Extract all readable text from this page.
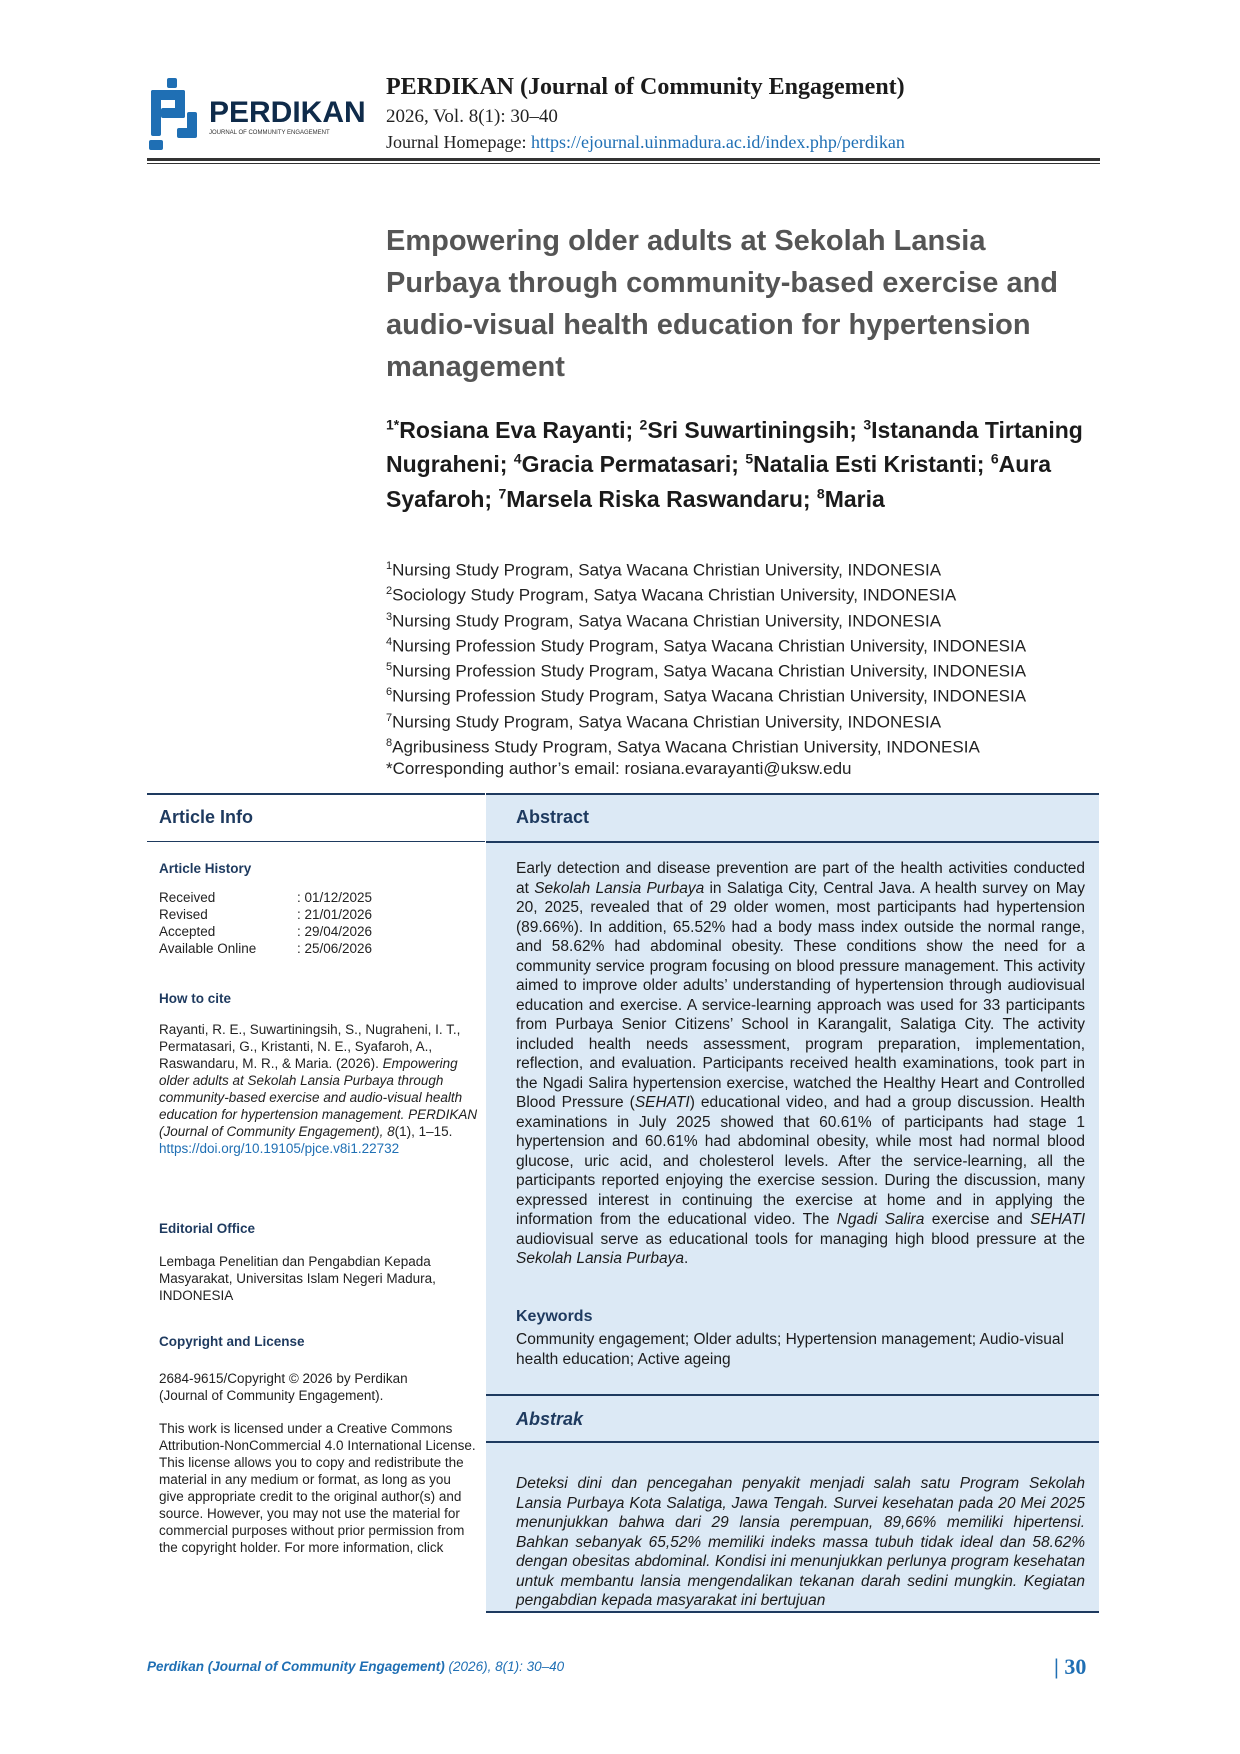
PERDIKAN
JOURNAL OF COMMUNITY ENGAGEMENT
PERDIKAN (Journal of Community Engagement)
2026, Vol. 8(1): 30–40
Journal Homepage: https://ejournal.uinmadura.ac.id/index.php/perdikan
Empowering older adults at Sekolah Lansia Purbaya through community-based exercise and audio-visual health education for hypertension management
$^{1*}$Rosiana Eva Rayanti; $^2$Sri Suwartiningsih; $^3$Istananda Tirtaning Nugraheni; $^4$Gracia Permatasari; $^5$Natalia Esti Kristanti; $^6$Aura Syafaroh; $^7$Marsela Riska Raswandaru; $^8$Maria
$^1$Nursing Study Program, Satya Wacana Christian University, INDONESIA
$^2$Sociology Study Program, Satya Wacana Christian University, INDONESIA
$^3$Nursing Study Program, Satya Wacana Christian University, INDONESIA
$^4$Nursing Profession Study Program, Satya Wacana Christian University, INDONESIA
$^5$Nursing Profession Study Program, Satya Wacana Christian University, INDONESIA
$^6$Nursing Profession Study Program, Satya Wacana Christian University, INDONESIA
$^7$Nursing Study Program, Satya Wacana Christian University, INDONESIA
$^8$Agribusiness Study Program, Satya Wacana Christian University, INDONESIA
*Corresponding author’s email: rosiana.evarayanti@uksw.edu
Article Info
Article History
Received	: 01/12/2025
Revised	: 21/01/2026
Accepted	: 29/04/2026
Available Online	: 25/06/2026
How to cite
Rayanti, R. E., Suwartiningsih, S., Nugraheni, I. T., Permatasari, G., Kristanti, N. E., Syafaroh, A., Raswandaru, M. R., & Maria. (2026). Empowering older adults at Sekolah Lansia Purbaya through community-based exercise and audio-visual health education for hypertension management. PERDIKAN (Journal of Community Engagement), 8(1), 1–15. https://doi.org/10.19105/pjce.v8i1.22732
Editorial Office
Lembaga Penelitian dan Pengabdian Kepada Masyarakat, Universitas Islam Negeri Madura, INDONESIA
Copyright and License
2684-9615/Copyright © 2026 by Perdikan (Journal of Community Engagement).
This work is licensed under a Creative Commons Attribution-NonCommercial 4.0 International License. This license allows you to copy and redistribute the material in any medium or format, as long as you give appropriate credit to the original author(s) and source. However, you may not use the material for commercial purposes without prior permission from the copyright holder. For more information, click
Abstract
Early detection and disease prevention are part of the health activities conducted at Sekolah Lansia Purbaya in Salatiga City, Central Java. A health survey on May 20, 2025, revealed that of 29 older women, most participants had hypertension (89.66%). In addition, 65.52% had a body mass index outside the normal range, and 58.62% had abdominal obesity. These conditions show the need for a community service program focusing on blood pressure management. This activity aimed to improve older adults’ understanding of hypertension through audiovisual education and exercise. A service-learning approach was used for 33 participants from Purbaya Senior Citizens’ School in Karangalit, Salatiga City. The activity included health needs assessment, program preparation, implementation, reflection, and evaluation. Participants received health examinations, took part in the Ngadi Salira hypertension exercise, watched the Healthy Heart and Controlled Blood Pressure (SEHATI) educational video, and had a group discussion. Health examinations in July 2025 showed that 60.61% of participants had stage 1 hypertension and 60.61% had abdominal obesity, while most had normal blood glucose, uric acid, and cholesterol levels. After the service-learning, all the participants reported enjoying the exercise session. During the discussion, many expressed interest in continuing the exercise at home and in applying the information from the educational video. The Ngadi Salira exercise and SEHATI audiovisual serve as educational tools for managing high blood pressure at the Sekolah Lansia Purbaya.
Keywords
Community engagement; Older adults; Hypertension management; Audio-visual health education; Active ageing
Abstrak
Deteksi dini dan pencegahan penyakit menjadi salah satu Program Sekolah Lansia Purbaya Kota Salatiga, Jawa Tengah. Survei kesehatan pada 20 Mei 2025 menunjukkan bahwa dari 29 lansia perempuan, 89,66% memiliki hipertensi. Bahkan sebanyak 65,52% memiliki indeks massa tubuh tidak ideal dan 58.62% dengan obesitas abdominal. Kondisi ini menunjukkan perlunya program kesehatan untuk membantu lansia mengendalikan tekanan darah sedini mungkin. Kegiatan pengabdian kepada masyarakat ini bertujuan
Perdikan (Journal of Community Engagement) (2026), 8(1): 30–40	| 30
